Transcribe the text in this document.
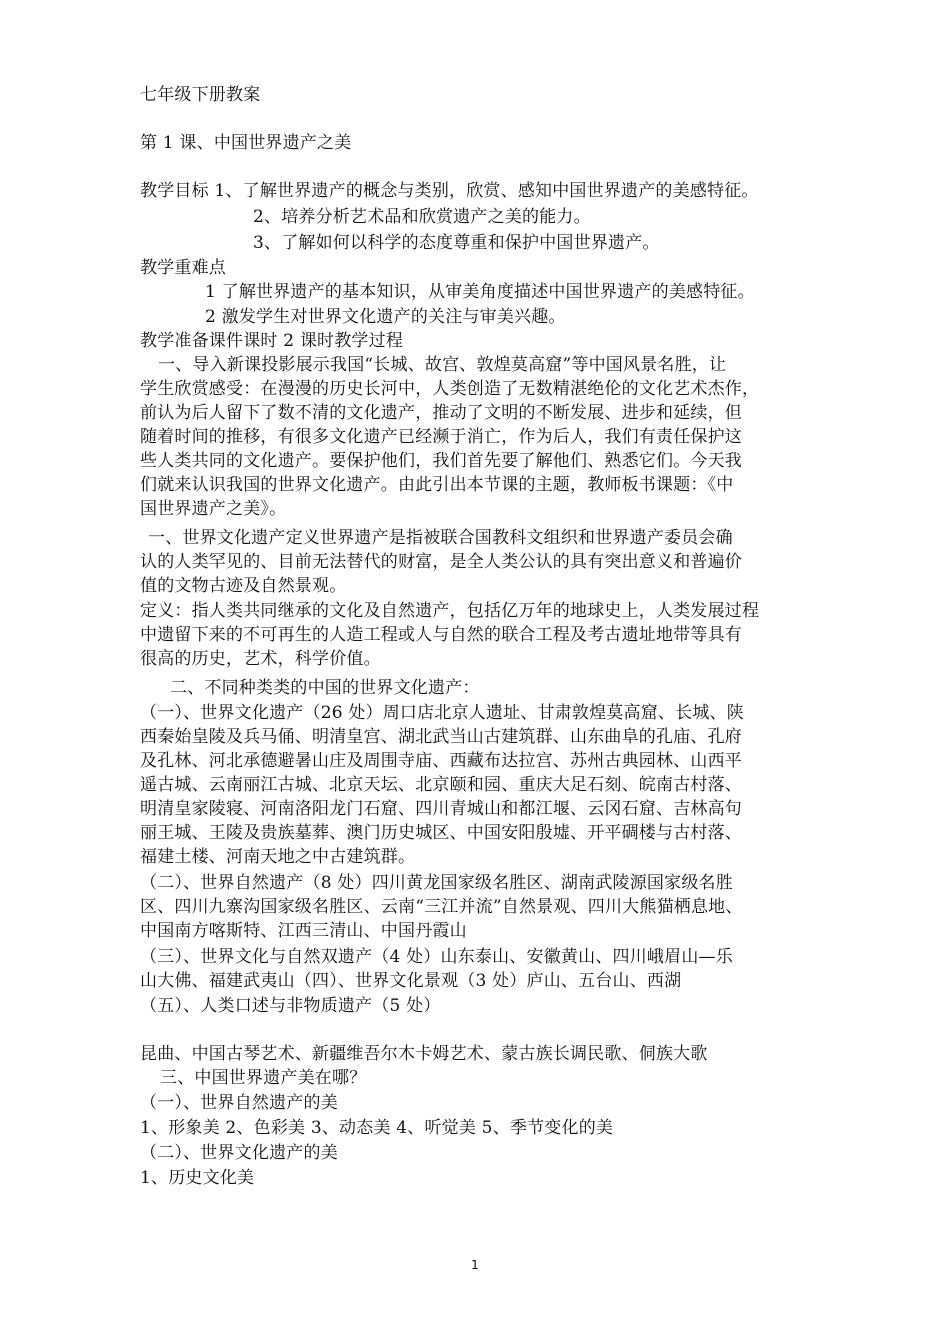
七年级下册教案
第 1 课、中国世界遗产之美
教学目标 1、了解世界遗产的概念与类别，欣赏、感知中国世界遗产的美感特征。
2、培养分析艺术品和欣赏遗产之美的能力。
3、了解如何以科学的态度尊重和保护中国世界遗产。
教学重难点
1 了解世界遗产的基本知识，从审美角度描述中国世界遗产的美感特征。
2 激发学生对世界文化遗产的关注与审美兴趣。
教学准备课件课时 2 课时教学过程
一、导入新课投影展示我国“长城、故宫、敦煌莫高窟”等中国风景名胜，让
学生欣赏感受：在漫漫的历史长河中，人类创造了无数精湛绝伦的文化艺术杰作，
前认为后人留下了数不清的文化遗产，推动了文明的不断发展、进步和延续，但
随着时间的推移，有很多文化遗产已经濒于消亡，作为后人，我们有责任保护这
些人类共同的文化遗产。要保护他们，我们首先要了解他们、熟悉它们。今天我
们就来认识我国的世界文化遗产。由此引出本节课的主题，教师板书课题：《中
国世界遗产之美》。
一、世界文化遗产定义世界遗产是指被联合国教科文组织和世界遗产委员会确
认的人类罕见的、目前无法替代的财富，是全人类公认的具有突出意义和普遍价
值的文物古迹及自然景观。
定义：指人类共同继承的文化及自然遗产，包括亿万年的地球史上，人类发展过程
中遗留下来的不可再生的人造工程或人与自然的联合工程及考古遗址地带等具有
很高的历史，艺术，科学价值。
二、不同种类类的中国的世界文化遗产：
（一）、世界文化遗产（26 处）周口店北京人遗址、甘肃敦煌莫高窟、长城、陕
西秦始皇陵及兵马俑、明清皇宫、湖北武当山古建筑群、山东曲阜的孔庙、孔府
及孔林、河北承德避暑山庄及周围寺庙、西藏布达拉宫、苏州古典园林、山西平
遥古城、云南丽江古城、北京天坛、北京颐和园、重庆大足石刻、皖南古村落、
明清皇家陵寝、河南洛阳龙门石窟、四川青城山和都江堰、云冈石窟、吉林高句
丽王城、王陵及贵族墓葬、澳门历史城区、中国安阳殷墟、开平碉楼与古村落、
福建土楼、河南天地之中古建筑群。
（二）、世界自然遗产（8 处）四川黄龙国家级名胜区、湖南武陵源国家级名胜
区、四川九寨沟国家级名胜区、云南“三江并流”自然景观、四川大熊猫栖息地、
中国南方喀斯特、江西三清山、中国丹霞山
（三）、世界文化与自然双遗产（4 处）山东泰山、安徽黄山、四川峨眉山—乐
山大佛、福建武夷山（四）、世界文化景观（3 处）庐山、五台山、西湖
（五）、人类口述与非物质遗产（5 处）
昆曲、中国古琴艺术、新疆维吾尔木卡姆艺术、蒙古族长调民歌、侗族大歌
三、中国世界遗产美在哪？
（一）、世界自然遗产的美
1、形象美 2、色彩美 3、动态美 4、听觉美 5、季节变化的美
（二）、世界文化遗产的美
1、历史文化美
1
